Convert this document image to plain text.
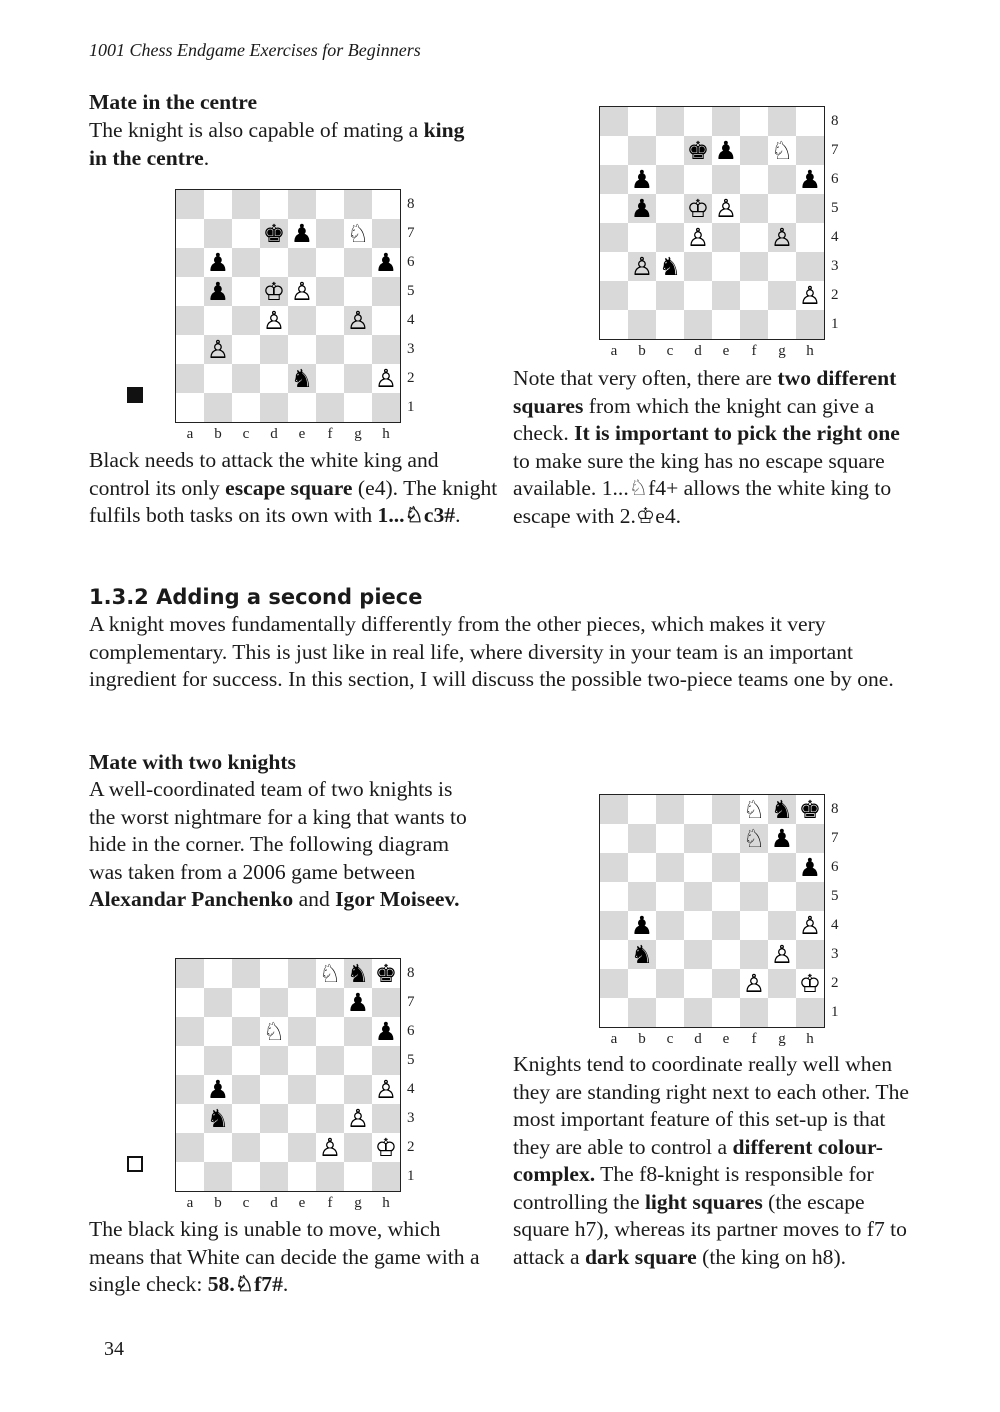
1001 Chess Endgame Exercises for Beginners
Mate in the centre

The knight is also capable of mating a king in the centre.

Black needs to attack the white king and control its only escape square (e4). The knight fulfils both tasks on its own with 1...♘c3#.

Note that very often, there are two different squares from which the knight can give a check. It is important to pick the right one to make sure the king has no escape square available. 1...♘f4+ allows the white king to escape with 2.♔e4.

1.3.2 Adding a second piece

A knight moves fundamentally differently from the other pieces, which makes it very complementary. This is just like in real life, where diversity in your team is an important ingredient for success. In this section, I will discuss the possible two-piece teams one by one.

Mate with two knights

A well-coordinated team of two knights is the worst nightmare for a king that wants to hide in the corner. The following diagram was taken from a 2006 game between Alexandar Panchenko and Igor Moiseev.

The black king is unable to move, which means that White can decide the game with a single check: 58.♘f7#.

Knights tend to coordinate really well when they are standing right next to each other. The most important feature of this set-up is that they are able to control a different colour-complex. The f8-knight is responsible for controlling the light squares (the escape square h7), whereas its partner moves to f7 to attack a dark square (the king on h8).

34
♚ ♟ ♘
♟	♟
♟ ♔ ♙
♙ ♙
♙
♞ ♙
a	b	c	d	e	f	g	h
8
7
6
5
4
3
2
1
♚ ♟ ♘
♟	♟
♟ ♔ ♙
♙ ♙
♙ ♞
♙
a	b	c	d	e	f	g	h
8
7
6
5
4
3
2
1
♘ ♞ ♚
♟
♘	♟
♟	♙
♞	♙
♙ ♔
a	b	c	d	e	f	g	h
8
7
6
5
4
3
2
1
♘ ♞ ♚
♘ ♟
♟
♟	♙
♞	♙
♙ ♔
a	b	c	d	e	f	g	h
8
7
6
5
4
3
2
1
